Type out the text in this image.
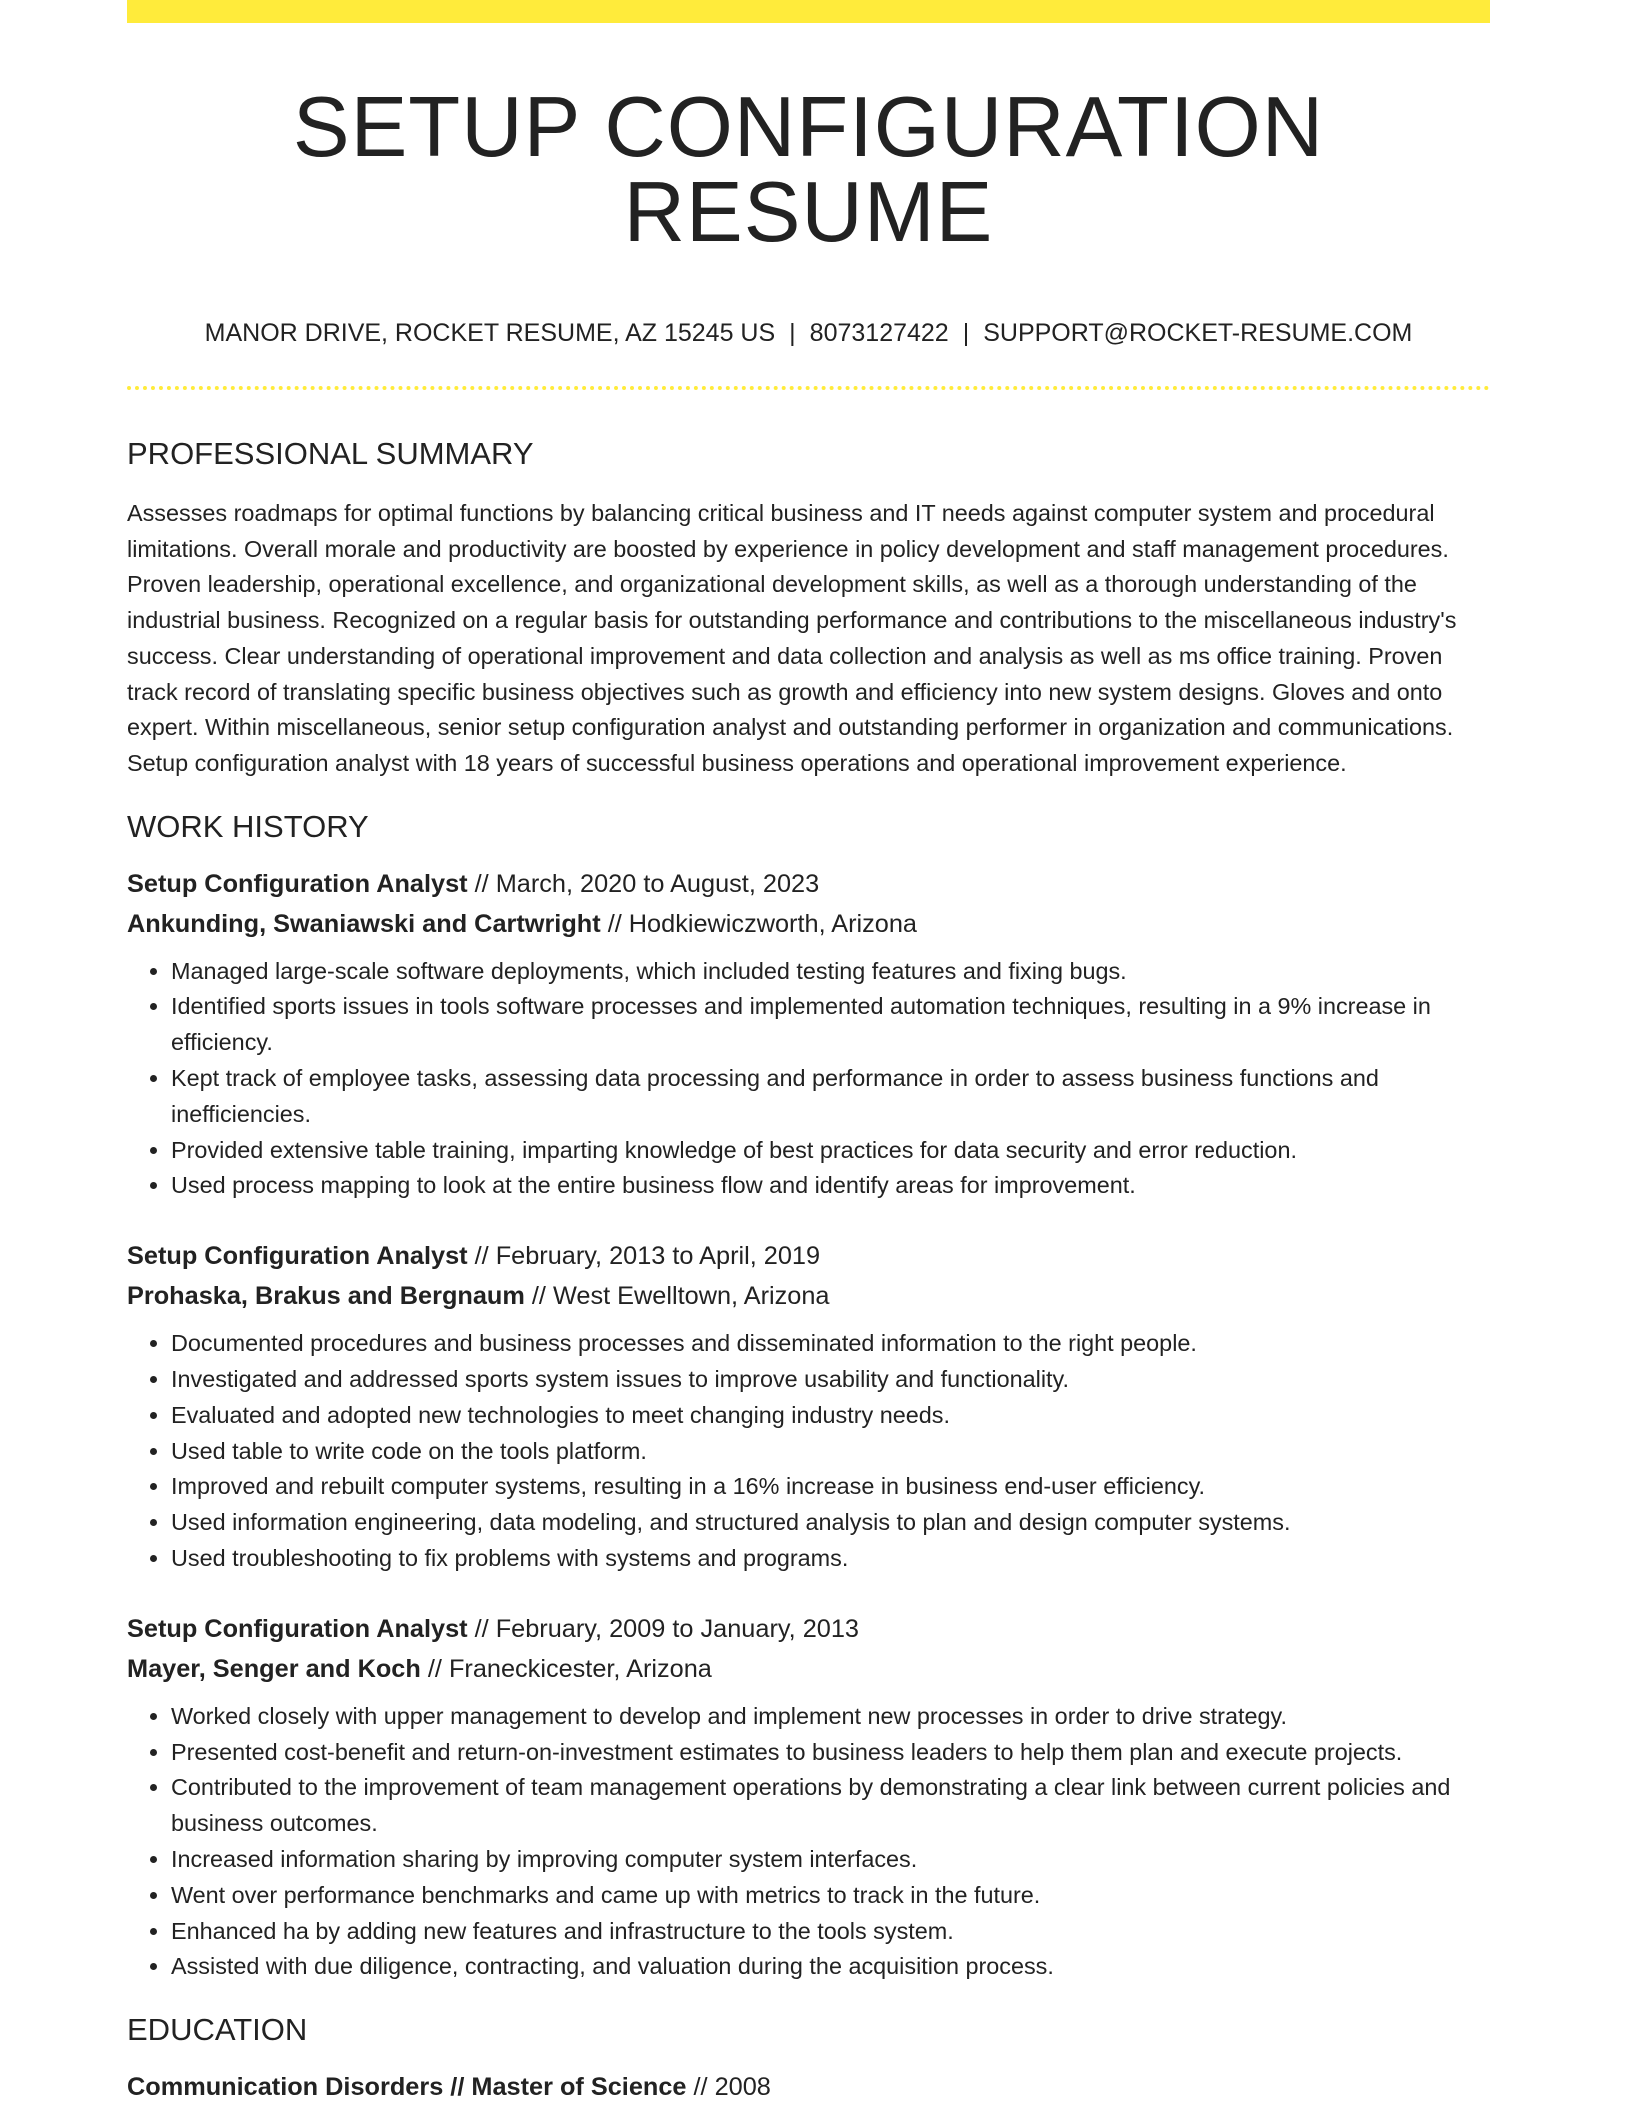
SETUP CONFIGURATION RESUME
MANOR DRIVE, ROCKET RESUME, AZ 15245 US | 8073127422 | SUPPORT@ROCKET-RESUME.COM
PROFESSIONAL SUMMARY
Assesses roadmaps for optimal functions by balancing critical business and IT needs against computer system and procedural limitations. Overall morale and productivity are boosted by experience in policy development and staff management procedures. Proven leadership, operational excellence, and organizational development skills, as well as a thorough understanding of the industrial business. Recognized on a regular basis for outstanding performance and contributions to the miscellaneous industry's success. Clear understanding of operational improvement and data collection and analysis as well as ms office training. Proven track record of translating specific business objectives such as growth and efficiency into new system designs. Gloves and onto expert. Within miscellaneous, senior setup configuration analyst and outstanding performer in organization and communications. Setup configuration analyst with 18 years of successful business operations and operational improvement experience.
WORK HISTORY
Setup Configuration Analyst // March, 2020 to August, 2023
Ankunding, Swaniawski and Cartwright // Hodkiewiczworth, Arizona
• Managed large-scale software deployments, which included testing features and fixing bugs.
• Identified sports issues in tools software processes and implemented automation techniques, resulting in a 9% increase in efficiency.
• Kept track of employee tasks, assessing data processing and performance in order to assess business functions and inefficiencies.
• Provided extensive table training, imparting knowledge of best practices for data security and error reduction.
• Used process mapping to look at the entire business flow and identify areas for improvement.
Setup Configuration Analyst // February, 2013 to April, 2019
Prohaska, Brakus and Bergnaum // West Ewelltown, Arizona
• Documented procedures and business processes and disseminated information to the right people.
• Investigated and addressed sports system issues to improve usability and functionality.
• Evaluated and adopted new technologies to meet changing industry needs.
• Used table to write code on the tools platform.
• Improved and rebuilt computer systems, resulting in a 16% increase in business end-user efficiency.
• Used information engineering, data modeling, and structured analysis to plan and design computer systems.
• Used troubleshooting to fix problems with systems and programs.
Setup Configuration Analyst // February, 2009 to January, 2013
Mayer, Senger and Koch // Franeckicester, Arizona
• Worked closely with upper management to develop and implement new processes in order to drive strategy.
• Presented cost-benefit and return-on-investment estimates to business leaders to help them plan and execute projects.
• Contributed to the improvement of team management operations by demonstrating a clear link between current policies and business outcomes.
• Increased information sharing by improving computer system interfaces.
• Went over performance benchmarks and came up with metrics to track in the future.
• Enhanced ha by adding new features and infrastructure to the tools system.
• Assisted with due diligence, contracting, and valuation during the acquisition process.
EDUCATION
Communication Disorders // Master of Science // 2008
